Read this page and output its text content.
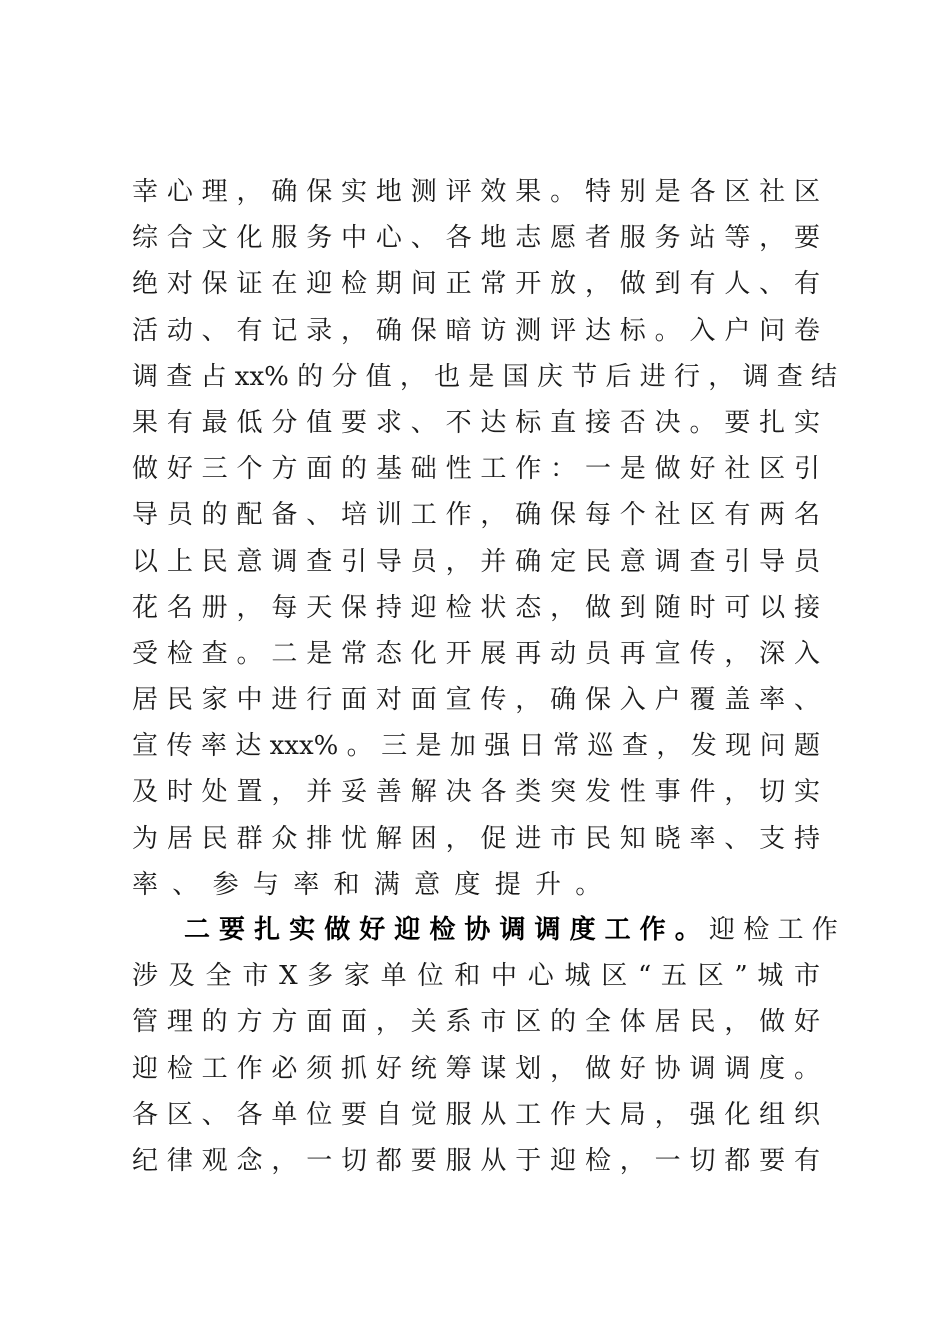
幸 心 理 ， 确 保 实 地 测 评 效 果 。 特 别 是 各 区 社 区
综 合 文 化 服 务 中 心 、 各 地 志 愿 者 服 务 站 等 ， 要
绝 对 保 证 在 迎 检 期 间 正 常 开 放 ， 做 到 有 人 、 有
活 动 、 有 记 录 ， 确 保 暗 访 测 评 达 标 。 入 户 问 卷
调 查 占 xx% 的 分 值 ， 也 是 国 庆 节 后 进 行 ， 调 查 结
果 有 最 低 分 值 要 求 、 不 达 标 直 接 否 决 。 要 扎 实
做 好 三 个 方 面 的 基 础 性 工 作 ： 一 是 做 好 社 区 引
导 员 的 配 备 、 培 训 工 作 ， 确 保 每 个 社 区 有 两 名
以 上 民 意 调 查 引 导 员 ， 并 确 定 民 意 调 查 引 导 员
花 名 册 ， 每 天 保 持 迎 检 状 态 ， 做 到 随 时 可 以 接
受 检 查 。 二 是 常 态 化 开 展 再 动 员 再 宣 传 ， 深 入
居 民 家 中 进 行 面 对 面 宣 传 ， 确 保 入 户 覆 盖 率 、
宣 传 率 达 xxx% 。 三 是 加 强 日 常 巡 查 ， 发 现 问 题
及 时 处 置 ， 并 妥 善 解 决 各 类 突 发 性 事 件 ， 切 实
为 居 民 群 众 排 忧 解 困 ， 促 进 市 民 知 晓 率 、 支 持
率、参与率和满意度提升。
二 要 扎 实 做 好 迎 检 协 调 调 度 工 作 。 迎 检 工 作
涉 及 全 市 X 多 家 单 位 和 中 心 城 区 “ 五 区 ” 城 市
管 理 的 方 方 面 面 ， 关 系 市 区 的 全 体 居 民 ， 做 好
迎 检 工 作 必 须 抓 好 统 筹 谋 划 ， 做 好 协 调 调 度 。
各 区 、 各 单 位 要 自 觉 服 从 工 作 大 局 ， 强 化 组 织
纪 律 观 念 ， 一 切 都 要 服 从 于 迎 检 ， 一 切 都 要 有
